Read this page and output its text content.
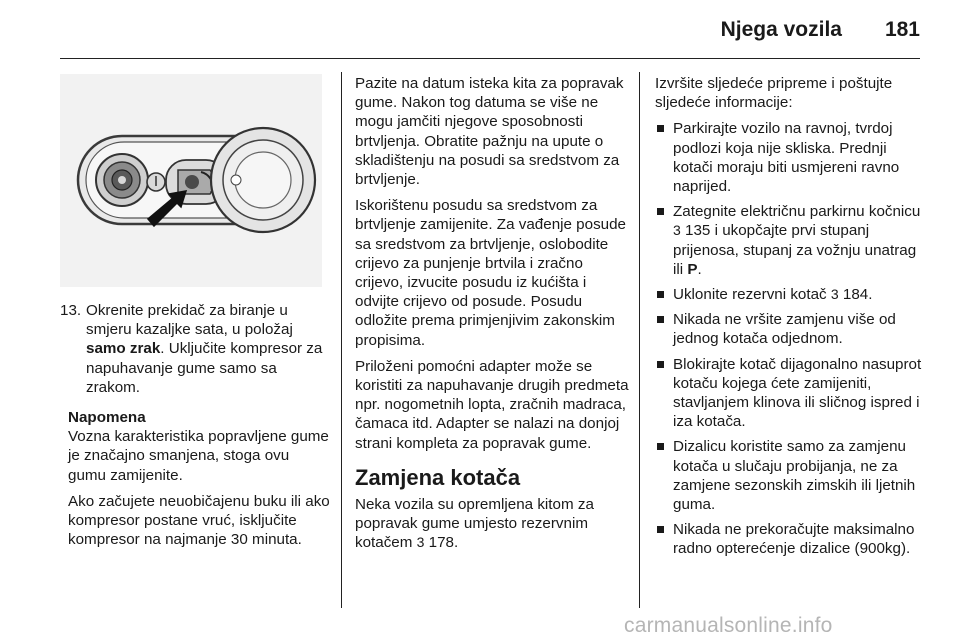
Njega vozila 181
13. Okrenite prekidač za biranje u smjeru kazaljke sata, u položaj samo zrak. Uključite kompresor za napuhavanje gume samo sa zrakom.
Napomena

Vozna karakteristika popravljene gume je značajno smanjena, stoga ovu gumu zamijenite.

Ako začujete neuobičajenu buku ili ako kompresor postane vruć, isključite kompresor na najmanje 30 minuta.

Pazite na datum isteka kita za popravak gume. Nakon tog datuma se više ne mogu jamčiti njegove sposobnosti brtvljenja. Obratite pažnju na upute o skladištenju na posudi sa sredstvom za brtvljenje.

Iskorištenu posudu sa sredstvom za brtvljenje zamijenite. Za vađenje posude sa sredstvom za brtvljenje, oslobodite crijevo za punjenje brtvila i zračno crijevo, izvucite posudu iz kućišta i odvijte crijevo od posude. Posudu odložite prema primjenjivim zakonskim propisima.

Priloženi pomoćni adapter može se koristiti za napuhavanje drugih predmeta npr. nogometnih lopta, zračnih madraca, čamaca itd. Adapter se nalazi na donjoj strani kompleta za popravak gume.

Zamjena kotača

Neka vozila su opremljena kitom za popravak gume umjesto rezervnim kotačem 3 178.

Izvršite sljedeće pripreme i poštujte sljedeće informacije:

Parkirajte vozilo na ravnoj, tvrdoj podlozi koja nije skliska. Prednji kotači moraju biti usmjereni ravno naprijed.
Zategnite električnu parkirnu kočnicu 3 135 i ukopčajte prvi stupanj prijenosa, stupanj za vožnju unatrag ili P.
Uklonite rezervni kotač 3 184.
Nikada ne vršite zamjenu više od jednog kotača odjednom.
Blokirajte kotač dijagonalno nasuprot kotaču kojega ćete zamijeniti, stavljanjem klinova ili sličnog ispred i iza kotača.
Dizalicu koristite samo za zamjenu kotača u slučaju probijanja, ne za zamjene sezonskih zimskih ili ljetnih guma.
Nikada ne prekoračujte maksimalno radno opterećenje dizalice (900kg).
carmanualsonline.info
